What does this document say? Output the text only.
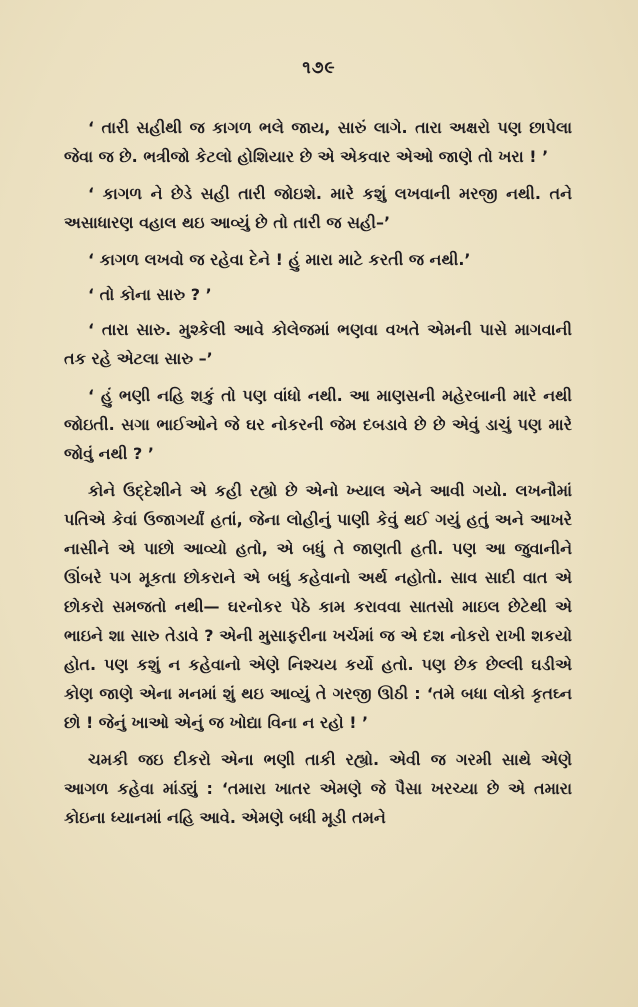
૧૭૯

‘ તારી સહીથી જ કાગળ ભલે જાય, સારું લાગે. તારા અક્ષરો પણ છાપેલા જેવા જ છે. ભત્રીજો કેટલો હોશિયાર છે એ એકવાર એઓ જાણે તો ખરા ! ’

‘ કાગળ ને છેડે સહી તારી જોઇશે. મારે કશું લખવાની મરજી નથી. તને અસાધારણ વહાલ થઇ આવ્યું છે તો તારી જ સહી–’

‘ કાગળ લખવો જ રહેવા દેને ! હું મારા માટે કરતી જ નથી.’

‘ તો કોના સારુ ? ’

‘ તારા સારુ. મુશ્કેલી આવે કોલેજમાં ભણવા વખતે એમની પાસે માગવાની તક રહે એટલા સારુ –’

‘ હું ભણી નહિ શકું તો પણ વાંધો નથી. આ માણસની મહેરબાની મારે નથી જોઇતી. સગા ભાઈઓને જે ઘર નોકરની જેમ દબડાવે છે છે એવું ડાચું પણ મારે જોવું નથી ? ’

કોને ઉદ્દેશીને એ કહી રહ્યો છે એનો ખ્યાલ એને આવી ગયો. લખનૌમાં પતિએ કેવાં ઉજાગર્યાં હતાં, જેના લોહીનું પાણી કેવું થઈ ગયું હતું અને આખરે નાસીને એ પાછો આવ્યો હતો, એ બધું તે જાણતી હતી. પણ આ જુવાનીને ઊંબરે પગ મૂકતા છોકરાને એ બધું કહેવાનો અર્થ નહોતો. સાવ સાદી વાત એ છોકરો સમજતો નથી— ઘરનોકર પેઠે કામ કરાવવા સાતસો માઇલ છેટેથી એ ભાઇને શા સારુ તેડાવે ? એની મુસાફરીના ખર્ચમાં જ એ દશ નોકરો રાખી શકયો હોત. પણ કશું ન કહેવાનો એણે નિશ્ચય કર્યો હતો. પણ છેક છેલ્લી ઘડીએ કોણ જાણે એના મનમાં શું થઇ આવ્યું તે ગરજી ઊઠી : ‘તમે બધા લોકો કૃતઘ્ન છો ! જેનું ખાઓ એનું જ ખોદ્યા વિના ન રહો ! ’

ચમકી જઇ દીકરો એના ભણી તાકી રહ્યો. એવી જ ગરમી સાથે એણે આગળ કહેવા માંડ્યું : ‘તમારા ખાતર એમણે જે પૈસા ખરચ્યા છે એ તમારા કોઇના ધ્યાનમાં નહિ આવે. એમણે બધી મૂડી તમને
